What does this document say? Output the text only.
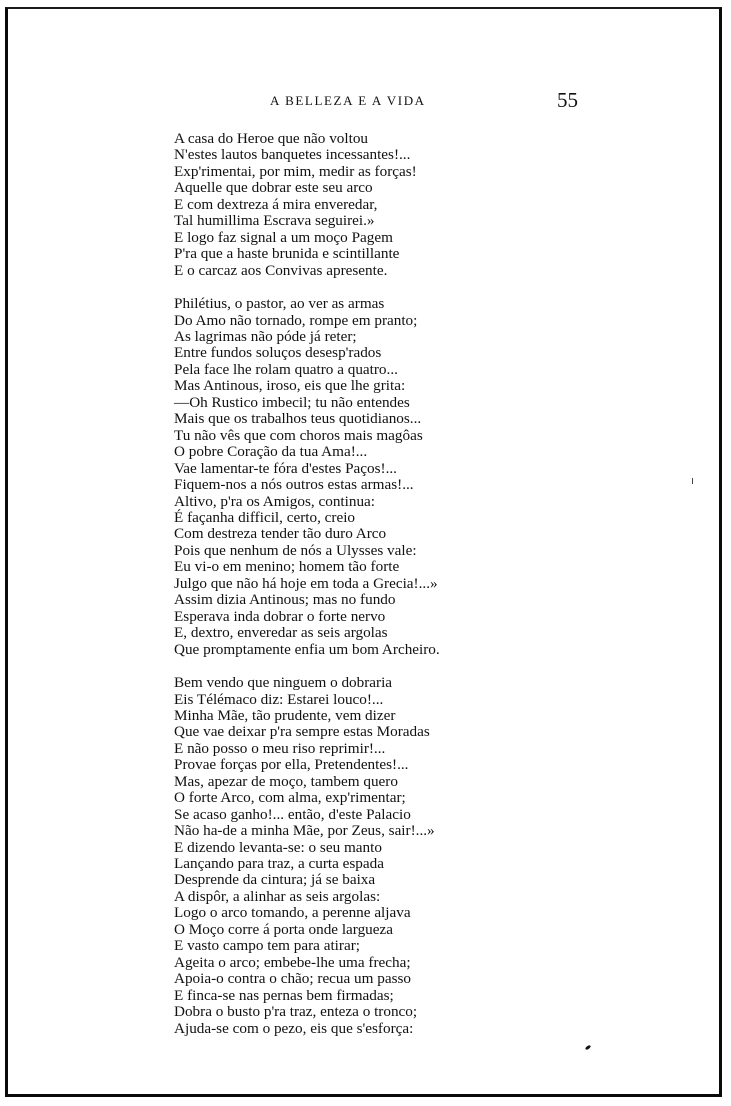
A BELLEZA E A VIDA	55
A casa do Heroe que não voltou
N'estes lautos banquetes incessantes!...
Exp'rimentai, por mim, medir as forças!
Aquelle que dobrar este seu arco
E com dextreza á mira enveredar,
Tal humillima Escrava seguirei.»
E logo faz signal a um moço Pagem
P'ra que a haste brunida e scintillante
E o carcaz aos Convivas apresente.
Philétius, o pastor, ao ver as armas
Do Amo não tornado, rompe em pranto;
As lagrimas não póde já reter;
Entre fundos soluços desesp'rados
Pela face lhe rolam quatro a quatro...
Mas Antinous, iroso, eis que lhe grita:
—Oh Rustico imbecil; tu não entendes
Mais que os trabalhos teus quotidianos...
Tu não vês que com choros mais magôas
O pobre Coração da tua Ama!...
Vae lamentar-te fóra d'estes Paços!...
Fiquem-nos a nós outros estas armas!...
Altivo, p'ra os Amigos, continua:
É façanha difficil, certo, creio
Com destreza tender tão duro Arco
Pois que nenhum de nós a Ulysses vale:
Eu vi-o em menino; homem tão forte
Julgo que não há hoje em toda a Grecia!...»
Assim dizia Antinous; mas no fundo
Esperava inda dobrar o forte nervo
E, dextro, enveredar as seis argolas
Que promptamente enfia um bom Archeiro.
Bem vendo que ninguem o dobraria
Eis Télémaco diz: Estarei louco!...
Minha Mãe, tão prudente, vem dizer
Que vae deixar p'ra sempre estas Moradas
E não posso o meu riso reprimir!...
Provae forças por ella, Pretendentes!...
Mas, apezar de moço, tambem quero
O forte Arco, com alma, exp'rimentar;
Se acaso ganho!... então, d'este Palacio
Não ha-de a minha Mãe, por Zeus, sair!...»
E dizendo levanta-se: o seu manto
Lançando para traz, a curta espada
Desprende da cintura; já se baixa
A dispôr, a alinhar as seis argolas:
Logo o arco tomando, a perenne aljava
O Moço corre á porta onde largueza
E vasto campo tem para atirar;
Ageita o arco; embebe-lhe uma frecha;
Apoia-o contra o chão; recua um passo
E finca-se nas pernas bem firmadas;
Dobra o busto p'ra traz, enteza o tronco;
Ajuda-se com o pezo, eis que s'esforça:
